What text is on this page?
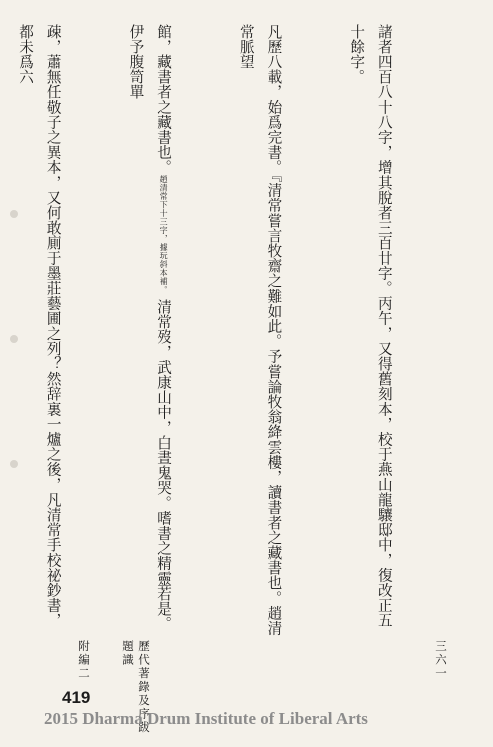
諸者四百八十八字，增其脫者三百廿字。丙午，又得舊刻本，校于燕山龍驤邸中，復改正五十餘字。

凡歷八載，始爲完書。『清常嘗言牧齋之難如此。予嘗論牧翁絳雲樓，讀書者之藏書也。趙清常脈望

館，藏書者之藏書也。趙清常下十三字，據玩斜本補。 清常歿，武康山中，白晝鬼哭。嗜書之精靈若是。伊予腹笥單

疎，蕭無任敬子之異本，又何敢廁于墨莊藝圃之列？然辞裏一爐之後，凡清常手校祕鈔書，都未爲六

附編二	歷代著錄及序跋題識	三六一
419
2015 Dharma Drum Institute of Liberal Arts
